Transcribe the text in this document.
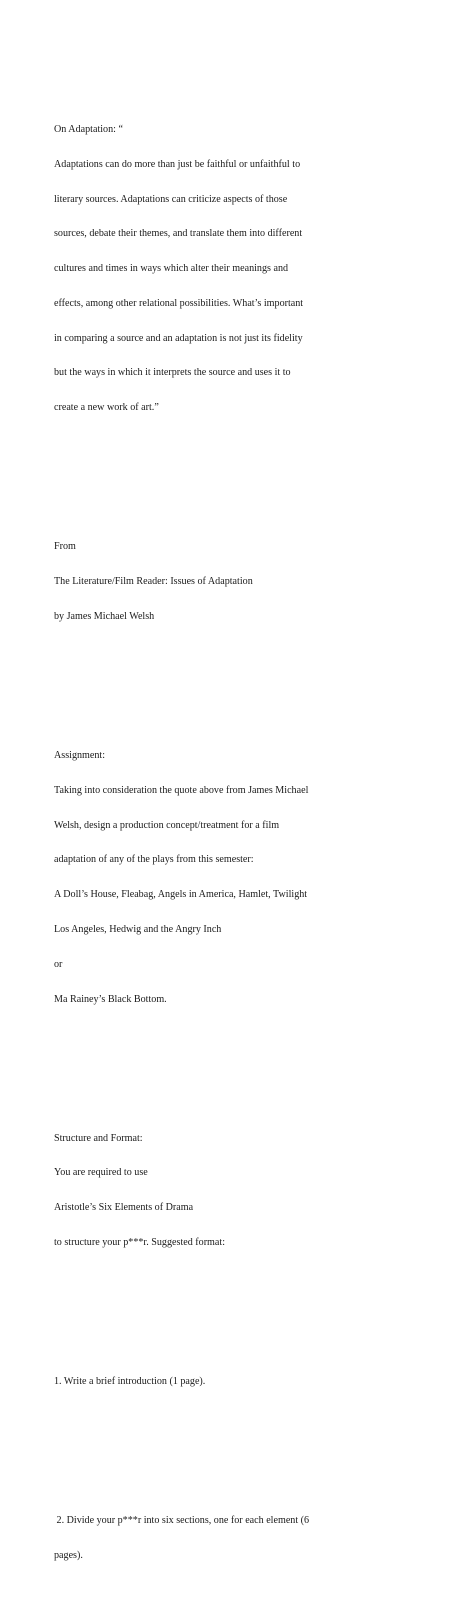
On Adaptation: “

Adaptations can do more than just be faithful or unfaithful to

literary sources. Adaptations can criticize aspects of those

sources, debate their themes, and translate them into different

cultures and times in ways which alter their meanings and

effects, among other relational possibilities. What’s important

in comparing a source and an adaptation is not just its fidelity

but the ways in which it interprets the source and uses it to

create a new work of art.”

From

The Literature/Film Reader: Issues of Adaptation

by James Michael Welsh

Assignment:

Taking into consideration the quote above from James Michael

Welsh, design a production concept/treatment for a film

adaptation of any of the plays from this semester:

A Doll’s House, Fleabag, Angels in America, Hamlet, Twilight

Los Angeles, Hedwig and the Angry Inch

or

Ma Rainey’s Black Bottom.

Structure and Format:

You are required to use

Aristotle’s Six Elements of Drama

to structure your p***r. Suggested format:

1. Write a brief introduction (1 page).

2. Divide your p***r into six sections, one for each element (6

pages).
